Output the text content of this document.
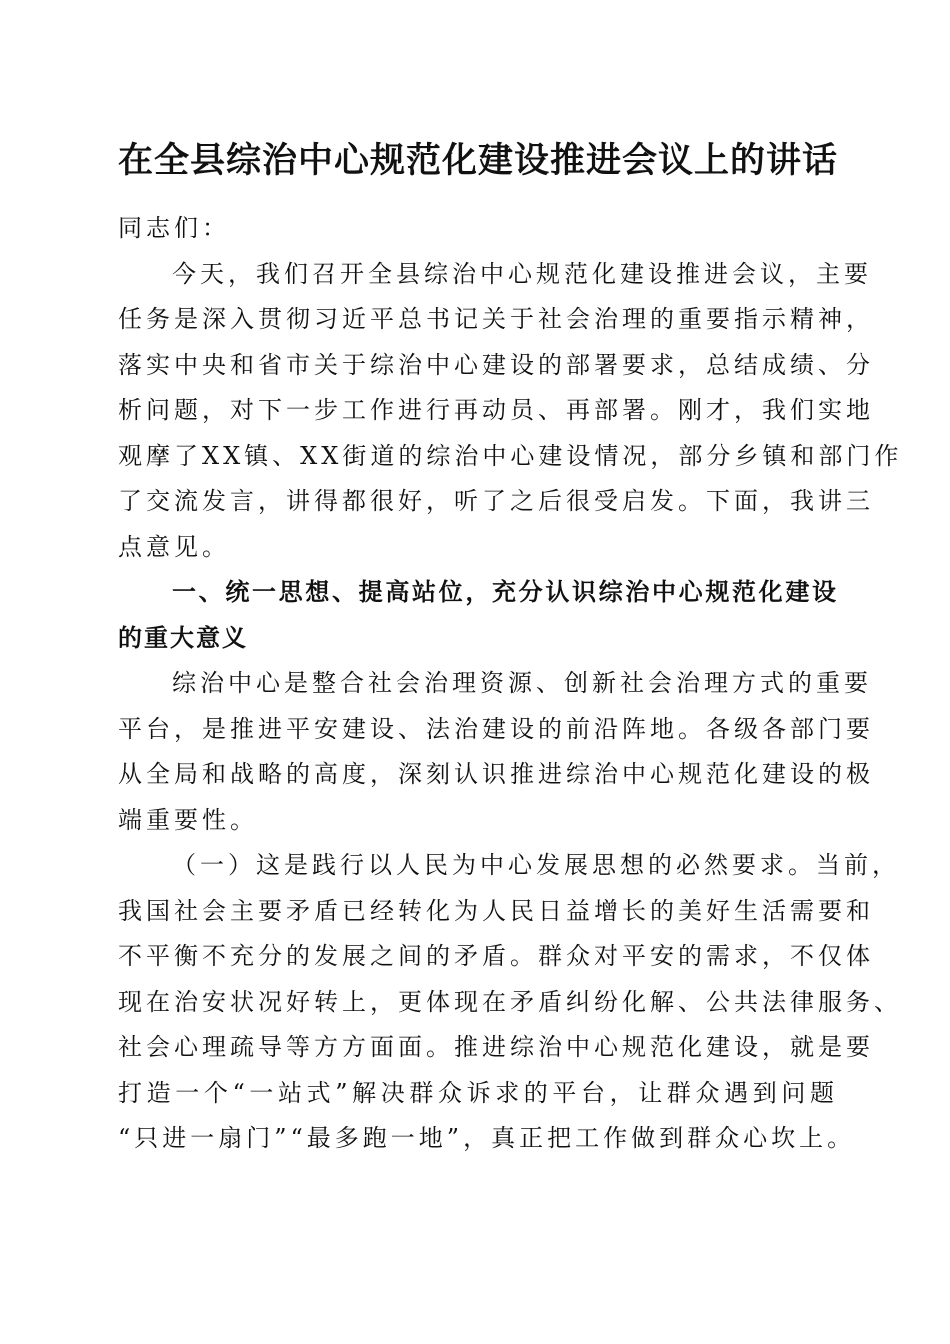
在全县综治中心规范化建设推进会议上的讲话
同志们：
今天，我们召开全县综治中心规范化建设推进会议，主要
任务是深入贯彻习近平总书记关于社会治理的重要指示精神，
落实中央和省市关于综治中心建设的部署要求，总结成绩、分
析问题，对下一步工作进行再动员、再部署。刚才，我们实地
观摩了XX镇、XX街道的综治中心建设情况，部分乡镇和部门作
了交流发言，讲得都很好，听了之后很受启发。下面，我讲三
点意见。
一、统一思想、提高站位，充分认识综治中心规范化建设
的重大意义
综治中心是整合社会治理资源、创新社会治理方式的重要
平台，是推进平安建设、法治建设的前沿阵地。各级各部门要
从全局和战略的高度，深刻认识推进综治中心规范化建设的极
端重要性。
（一）这是践行以人民为中心发展思想的必然要求。当前，
我国社会主要矛盾已经转化为人民日益增长的美好生活需要和
不平衡不充分的发展之间的矛盾。群众对平安的需求，不仅体
现在治安状况好转上，更体现在矛盾纠纷化解、公共法律服务、
社会心理疏导等方方面面。推进综治中心规范化建设，就是要
打造一个“一站式”解决群众诉求的平台，让群众遇到问题
“只进一扇门”“最多跑一地”，真正把工作做到群众心坎上。
